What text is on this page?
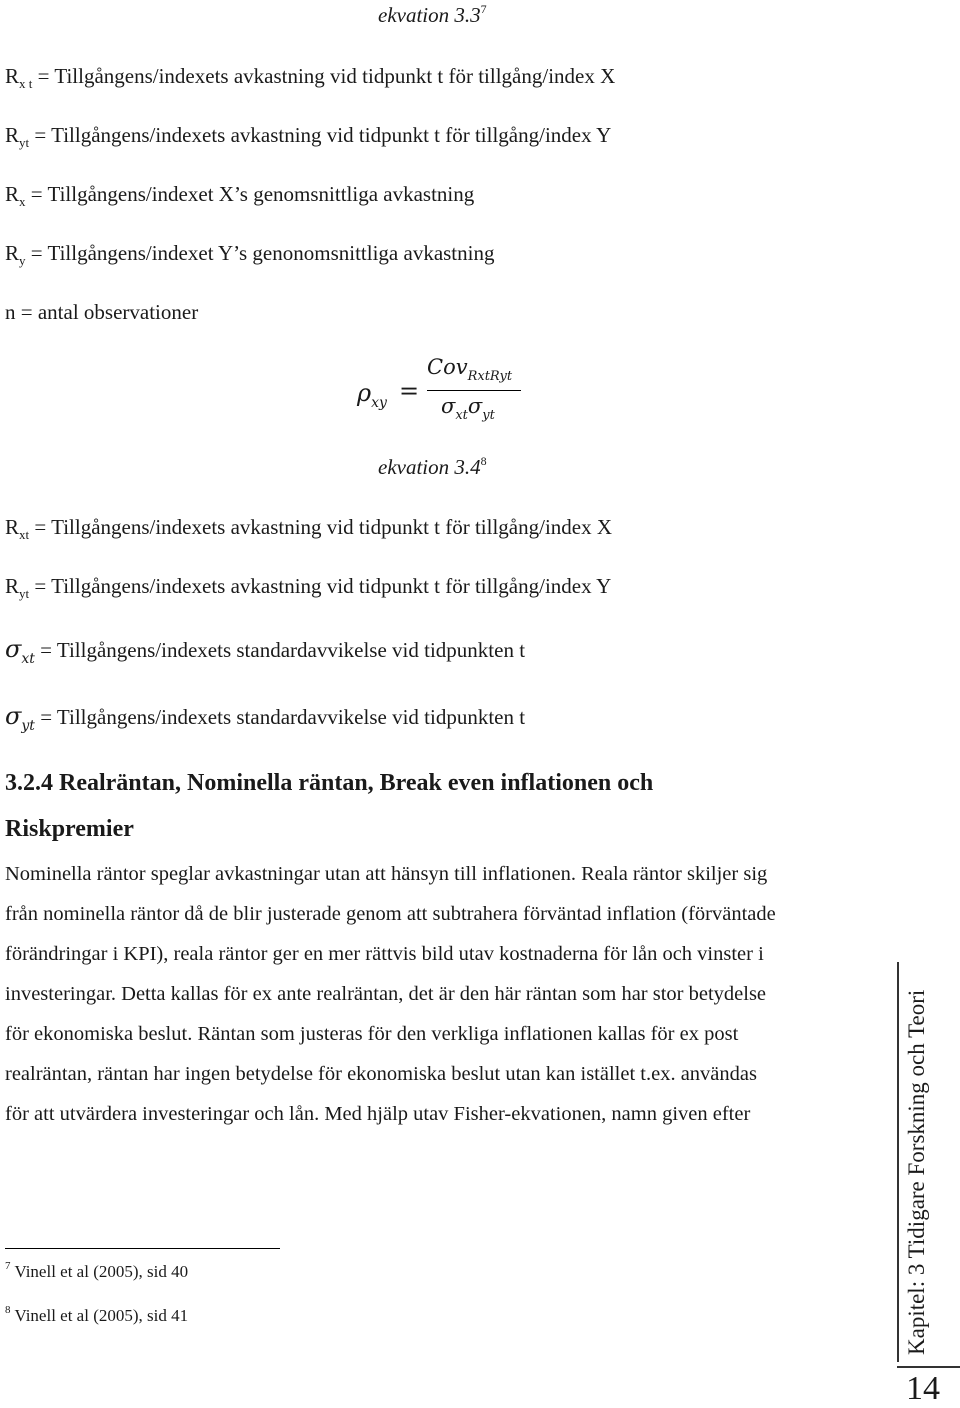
ekvation $3.3^7$
$R_{x t}$ = Tillgångens/indexets avkastning vid tidpunkt t för tillgång/index X
$R_{yt}$ = Tillgångens/indexets avkastning vid tidpunkt t för tillgång/index Y
$R_x$ = Tillgångens/indexet X’s genomsnittliga avkastning
$R_y$ = Tillgångens/indexet Y’s genonomsnittliga avkastning
n = antal observationer
$\rho_{xy}$ =
Cov$_{RxtRyt}$
$\sigma_{xt}\sigma_{yt}$
ekvation $3.4^8$
$R_{xt}$ = Tillgångens/indexets avkastning vid tidpunkt t för tillgång/index X
$R_{yt}$ = Tillgångens/indexets avkastning vid tidpunkt t för tillgång/index Y
$\sigma_{xt}$ = Tillgångens/indexets standardavvikelse vid tidpunkten t
$\sigma_{yt}$ = Tillgångens/indexets standardavvikelse vid tidpunkten t
3.2.4 Realräntan, Nominella räntan, Break even inflationen och
Riskpremier
Nominella räntor speglar avkastningar utan att hänsyn till inflationen. Reala räntor skiljer sig
från nominella räntor då de blir justerade genom att subtrahera förväntad inflation (förväntade
förändringar i KPI), reala räntor ger en mer rättvis bild utav kostnaderna för lån och vinster i
investeringar. Detta kallas för ex ante realräntan, det är den här räntan som har stor betydelse
för ekonomiska beslut. Räntan som justeras för den verkliga inflationen kallas för ex post
realräntan, räntan har ingen betydelse för ekonomiska beslut utan kan istället t.ex. användas
för att utvärdera investeringar och lån. Med hjälp utav Fisher-ekvationen, namn given efter
$^7$ Vinell et al (2005), sid 40
$^8$ Vinell et al (2005), sid 41	Kapitel: 3 Tidigare Forskning och Teori
14
